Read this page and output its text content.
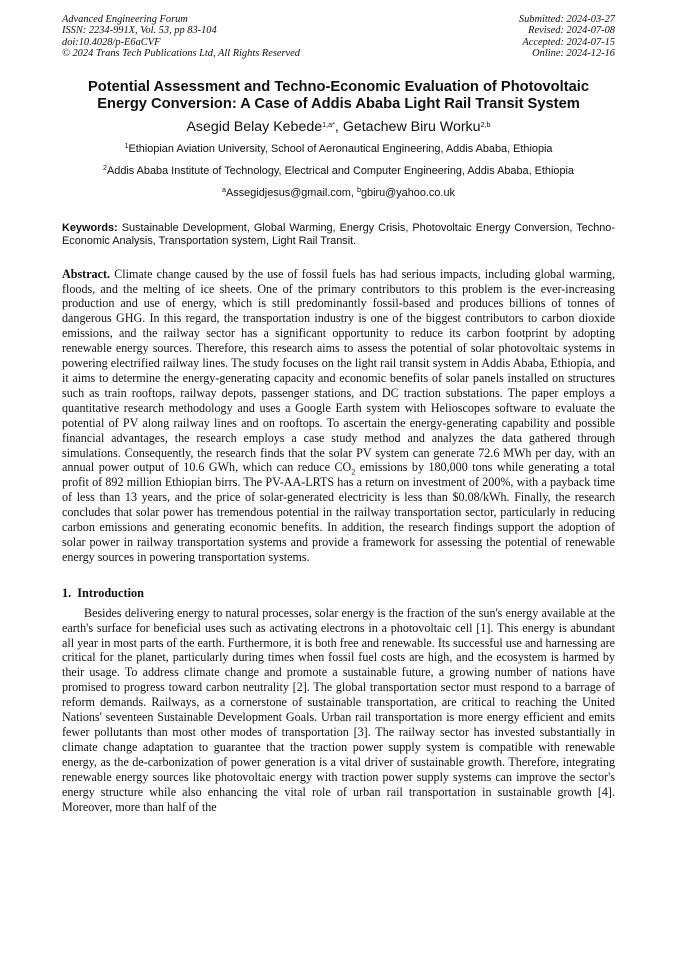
Advanced Engineering Forum
ISSN: 2234-991X, Vol. 53, pp 83-104
doi:10.4028/p-E6aCVF
© 2024 Trans Tech Publications Ltd, All Rights Reserved
Submitted: 2024-03-27
Revised: 2024-07-08
Accepted: 2024-07-15
Online: 2024-12-16
Potential Assessment and Techno-Economic Evaluation of Photovoltaic
Energy Conversion: A Case of Addis Ababa Light Rail Transit System
Asegid Belay Kebede$^{1,a*}$, Getachew Biru Worku$^{2,b}$
$^1$Ethiopian Aviation University, School of Aeronautical Engineering, Addis Ababa, Ethiopia
$^2$Addis Ababa Institute of Technology, Electrical and Computer Engineering, Addis Ababa, Ethiopia
$^a$Assegidjesus@gmail.com, $^b$gbiru@yahoo.co.uk
Keywords: Sustainable Development, Global Warming, Energy Crisis, Photovoltaic Energy Conversion, Techno-Economic Analysis, Transportation system, Light Rail Transit.
Abstract. Climate change caused by the use of fossil fuels has had serious impacts, including global warming, floods, and the melting of ice sheets. One of the primary contributors to this problem is the ever-increasing production and use of energy, which is still predominantly fossil-based and produces billions of tonnes of dangerous GHG. In this regard, the transportation industry is one of the biggest contributors to carbon dioxide emissions, and the railway sector has a significant opportunity to reduce its carbon footprint by adopting renewable energy sources. Therefore, this research aims to assess the potential of solar photovoltaic systems in powering electrified railway lines. The study focuses on the light rail transit system in Addis Ababa, Ethiopia, and it aims to determine the energy-generating capacity and economic benefits of solar panels installed on structures such as train rooftops, railway depots, passenger stations, and DC traction substations. The paper employs a quantitative research methodology and uses a Google Earth system with Helioscopes software to evaluate the potential of PV along railway lines and on rooftops. To ascertain the energy-generating capability and possible financial advantages, the research employs a case study method and analyzes the data gathered through simulations. Consequently, the research finds that the solar PV system can generate 72.6 MWh per day, with an annual power output of 10.6 GWh, which can reduce $CO_2$ emissions by 180,000 tons while generating a total profit of 892 million Ethiopian birrs. The PV-AA-LRTS has a return on investment of 200%, with a payback time of less than 13 years, and the price of solar-generated electricity is less than $0.08/kWh. Finally, the research concludes that solar power has tremendous potential in the railway transportation sector, particularly in reducing carbon emissions and generating economic benefits. In addition, the research findings support the adoption of solar power in railway transportation systems and provide a framework for assessing the potential of renewable energy sources in powering transportation systems.
1. Introduction
Besides delivering energy to natural processes, solar energy is the fraction of the sun's energy available at the earth's surface for beneficial uses such as activating electrons in a photovoltaic cell [1]. This energy is abundant all year in most parts of the earth. Furthermore, it is both free and renewable. Its successful use and harnessing are critical for the planet, particularly during times when fossil fuel costs are high, and the ecosystem is harmed by their usage. To address climate change and promote a sustainable future, a growing number of nations have promised to progress toward carbon neutrality [2]. The global transportation sector must respond to a barrage of reform demands. Railways, as a cornerstone of sustainable transportation, are critical to reaching the United Nations' seventeen Sustainable Development Goals. Urban rail transportation is more energy efficient and emits fewer pollutants than most other modes of transportation [3]. The railway sector has invested substantially in climate change adaptation to guarantee that the traction power supply system is compatible with renewable energy, as the de-carbonization of power generation is a vital driver of sustainable growth. Therefore, integrating renewable energy sources like photovoltaic energy with traction power supply systems can improve the sector's energy structure while also enhancing the vital role of urban rail transportation in sustainable growth [4]. Moreover, more than half of the
